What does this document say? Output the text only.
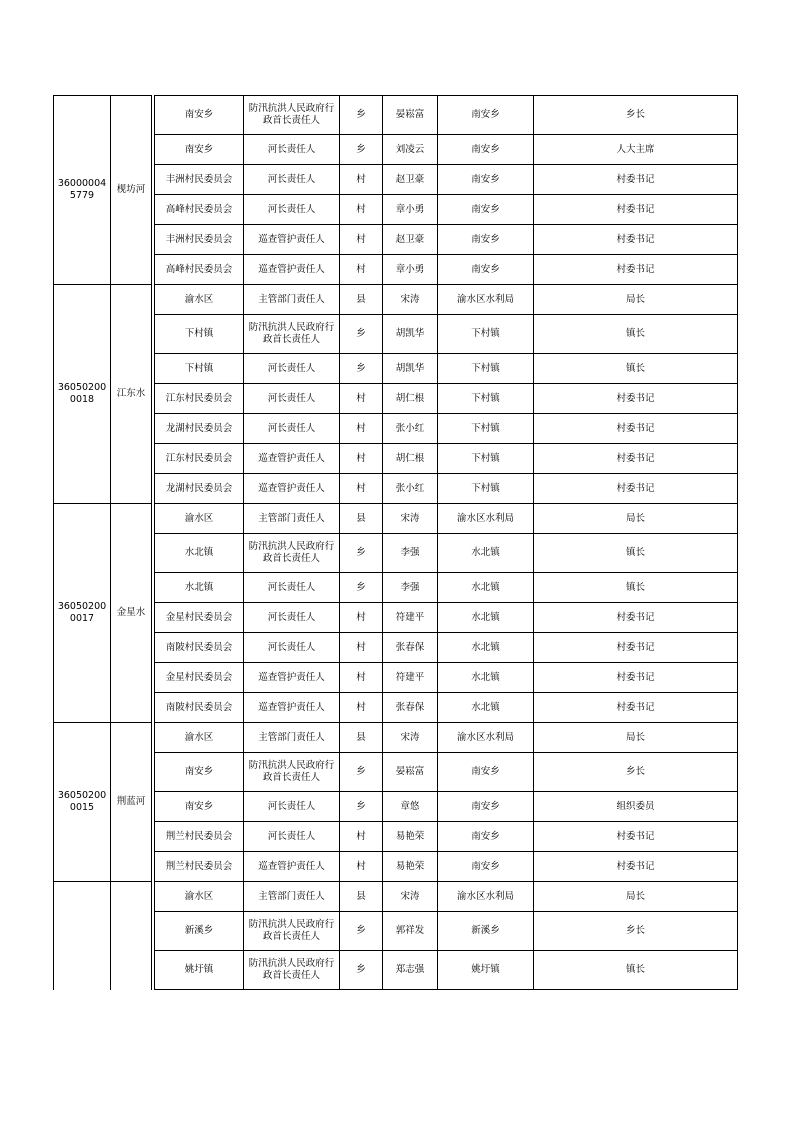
360000045779	枧坊河		南安乡	防汛抗洪人民政府行政首长责任人	乡	晏崧富	南安乡	乡长
			南安乡	河长责任人	乡	刘凌云	南安乡	人大主席
			丰洲村民委员会	河长责任人	村	赵卫豪	南安乡	村委书记
			高峰村民委员会	河长责任人	村	章小勇	南安乡	村委书记
			丰洲村民委员会	巡查管护责任人	村	赵卫豪	南安乡	村委书记
			高峰村民委员会	巡查管护责任人	村	章小勇	南安乡	村委书记
360502000018	江东水		渝水区	主管部门责任人	县	宋涛	渝水区水利局	局长
			下村镇	防汛抗洪人民政府行政首长责任人	乡	胡凯华	下村镇	镇长
			下村镇	河长责任人	乡	胡凯华	下村镇	镇长
			江东村民委员会	河长责任人	村	胡仁根	下村镇	村委书记
			龙湖村民委员会	河长责任人	村	张小红	下村镇	村委书记
			江东村民委员会	巡查管护责任人	村	胡仁根	下村镇	村委书记
			龙湖村民委员会	巡查管护责任人	村	张小红	下村镇	村委书记
360502000017	金星水		渝水区	主管部门责任人	县	宋涛	渝水区水利局	局长
			水北镇	防汛抗洪人民政府行政首长责任人	乡	李强	水北镇	镇长
			水北镇	河长责任人	乡	李强	水北镇	镇长
			金星村民委员会	河长责任人	村	符建平	水北镇	村委书记
			南陂村民委员会	河长责任人	村	张春保	水北镇	村委书记
			金星村民委员会	巡查管护责任人	村	符建平	水北镇	村委书记
			南陂村民委员会	巡查管护责任人	村	张春保	水北镇	村委书记
360502000015	荆蓝河		渝水区	主管部门责任人	县	宋涛	渝水区水利局	局长
			南安乡	防汛抗洪人民政府行政首长责任人	乡	晏崧富	南安乡	乡长
			南安乡	河长责任人	乡	章悠	南安乡	组织委员
			荆兰村民委员会	河长责任人	村	易艳荣	南安乡	村委书记
			荆兰村民委员会	巡查管护责任人	村	易艳荣	南安乡	村委书记
			渝水区	主管部门责任人	县	宋涛	渝水区水利局	局长
			新溪乡	防汛抗洪人民政府行政首长责任人	乡	郭祥发	新溪乡	乡长
			姚圩镇	防汛抗洪人民政府行政首长责任人	乡	郑志强	姚圩镇	镇长
